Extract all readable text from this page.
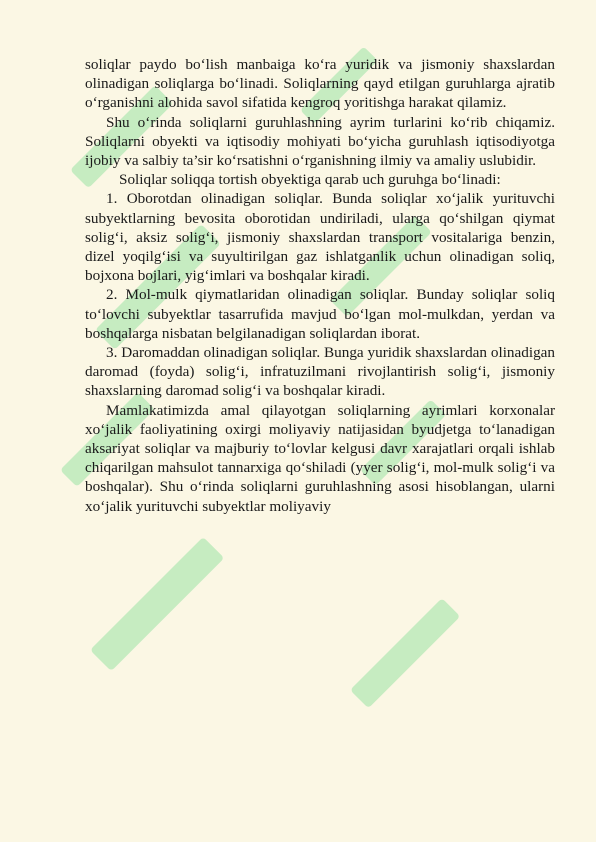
soliqlar paydo bo‘lish manbaiga ko‘ra yuridik va jismoniy shaxslardan olinadigan soliqlarga bo‘linadi. Soliqlarning qayd etilgan guruhlarga ajratib o‘rganishni alohida savol sifatida kengroq yoritishga harakat qilamiz.

Shu o‘rinda soliqlarni guruhlashning ayrim turlarini ko‘rib chiqamiz. Soliqlarni obyekti va iqtisodiy mohiyati bo‘yicha guruhlash iqtisodiyotga ijobiy va salbiy ta’sir ko‘rsatishni o‘rganishning ilmiy va amaliy uslubidir.

Soliqlar soliqqa tortish obyektiga qarab uch guruhga bo‘linadi:

1. Oborotdan olinadigan soliqlar. Bunda soliqlar xo‘jalik yurituvchi subyektlarning bevosita oborotidan undiriladi, ularga qo‘shilgan qiymat solig‘i, aksiz solig‘i, jismoniy shaxslardan transport vositalariga benzin, dizel yoqilg‘isi va suyultirilgan gaz ishlatganlik uchun olinadigan soliq, bojxona bojlari, yig‘imlari va boshqalar kiradi.

2. Mol-mulk qiymatlaridan olinadigan soliqlar. Bunday soliqlar soliq to‘lovchi subyektlar tasarrufida mavjud bo‘lgan mol-mulkdan, yerdan va boshqalarga nisbatan belgilanadigan soliqlardan iborat.

3. Daromaddan olinadigan soliqlar. Bunga yuridik shaxslardan olinadigan daromad (foyda) solig‘i, infratuzilmani rivojlantirish solig‘i, jismoniy shaxslarning daromad solig‘i va boshqalar kiradi.

Mamlakatimizda amal qilayotgan soliqlarning ayrimlari korxonalar xo‘jalik faoliyatining oxirgi moliyaviy natijasidan byudjetga to‘lanadigan aksariyat soliqlar va majburiy to‘lovlar kelgusi davr xarajatlari orqali ishlab chiqarilgan mahsulot tannarxiga qo‘shiladi (yyer solig‘i, mol-mulk solig‘i va boshqalar). Shu o‘rinda soliqlarni guruhlashning asosi hisoblangan, ularni xo‘jalik yurituvchi subyektlar moliyaviy
